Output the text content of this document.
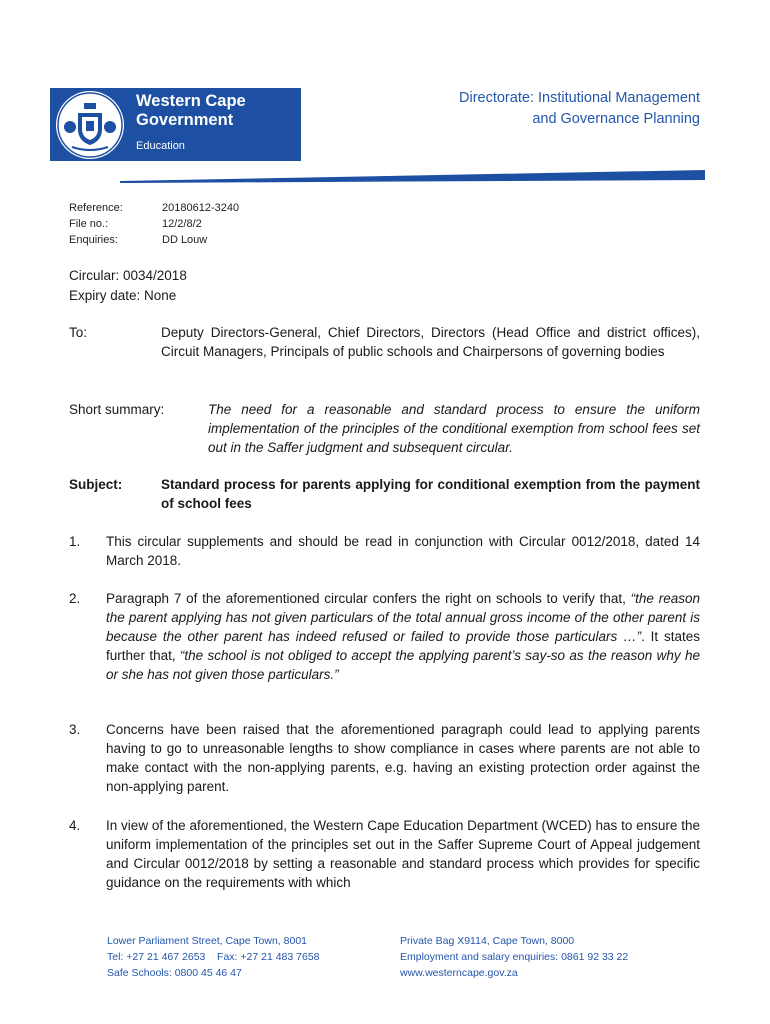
Western Cape Government
Education
Directorate: Institutional Management
and Governance Planning
Reference:	20180612-3240
File no.:	12/2/8/2
Enquiries:	DD Louw
Circular: 0034/2018
Expiry date: None
To:	Deputy Directors-General, Chief Directors, Directors (Head Office and district offices), Circuit Managers, Principals of public schools and Chairpersons of governing bodies
Short summary:	The need for a reasonable and standard process to ensure the uniform implementation of the principles of the conditional exemption from school fees set out in the Saffer judgment and subsequent circular.
Subject:	Standard process for parents applying for conditional exemption from the payment of school fees
1. This circular supplements and should be read in conjunction with Circular 0012/2018, dated 14 March 2018.
2. Paragraph 7 of the aforementioned circular confers the right on schools to verify that, “the reason the parent applying has not given particulars of the total annual gross income of the other parent is because the other parent has indeed refused or failed to provide those particulars …”. It states further that, “the school is not obliged to accept the applying parent’s say-so as the reason why he or she has not given those particulars.”
3. Concerns have been raised that the aforementioned paragraph could lead to applying parents having to go to unreasonable lengths to show compliance in cases where parents are not able to make contact with the non-applying parents, e.g. having an existing protection order against the non-applying parent.
4. In view of the aforementioned, the Western Cape Education Department (WCED) has to ensure the uniform implementation of the principles set out in the Saffer Supreme Court of Appeal judgement and Circular 0012/2018 by setting a reasonable and standard process which provides for specific guidance on the requirements with which
Lower Parliament Street, Cape Town, 8001
Tel: +27 21 467 2653    Fax: +27 21 483 7658
Safe Schools: 0800 45 46 47
Private Bag X9114, Cape Town, 8000
Employment and salary enquiries: 0861 92 33 22
www.westerncape.gov.za
